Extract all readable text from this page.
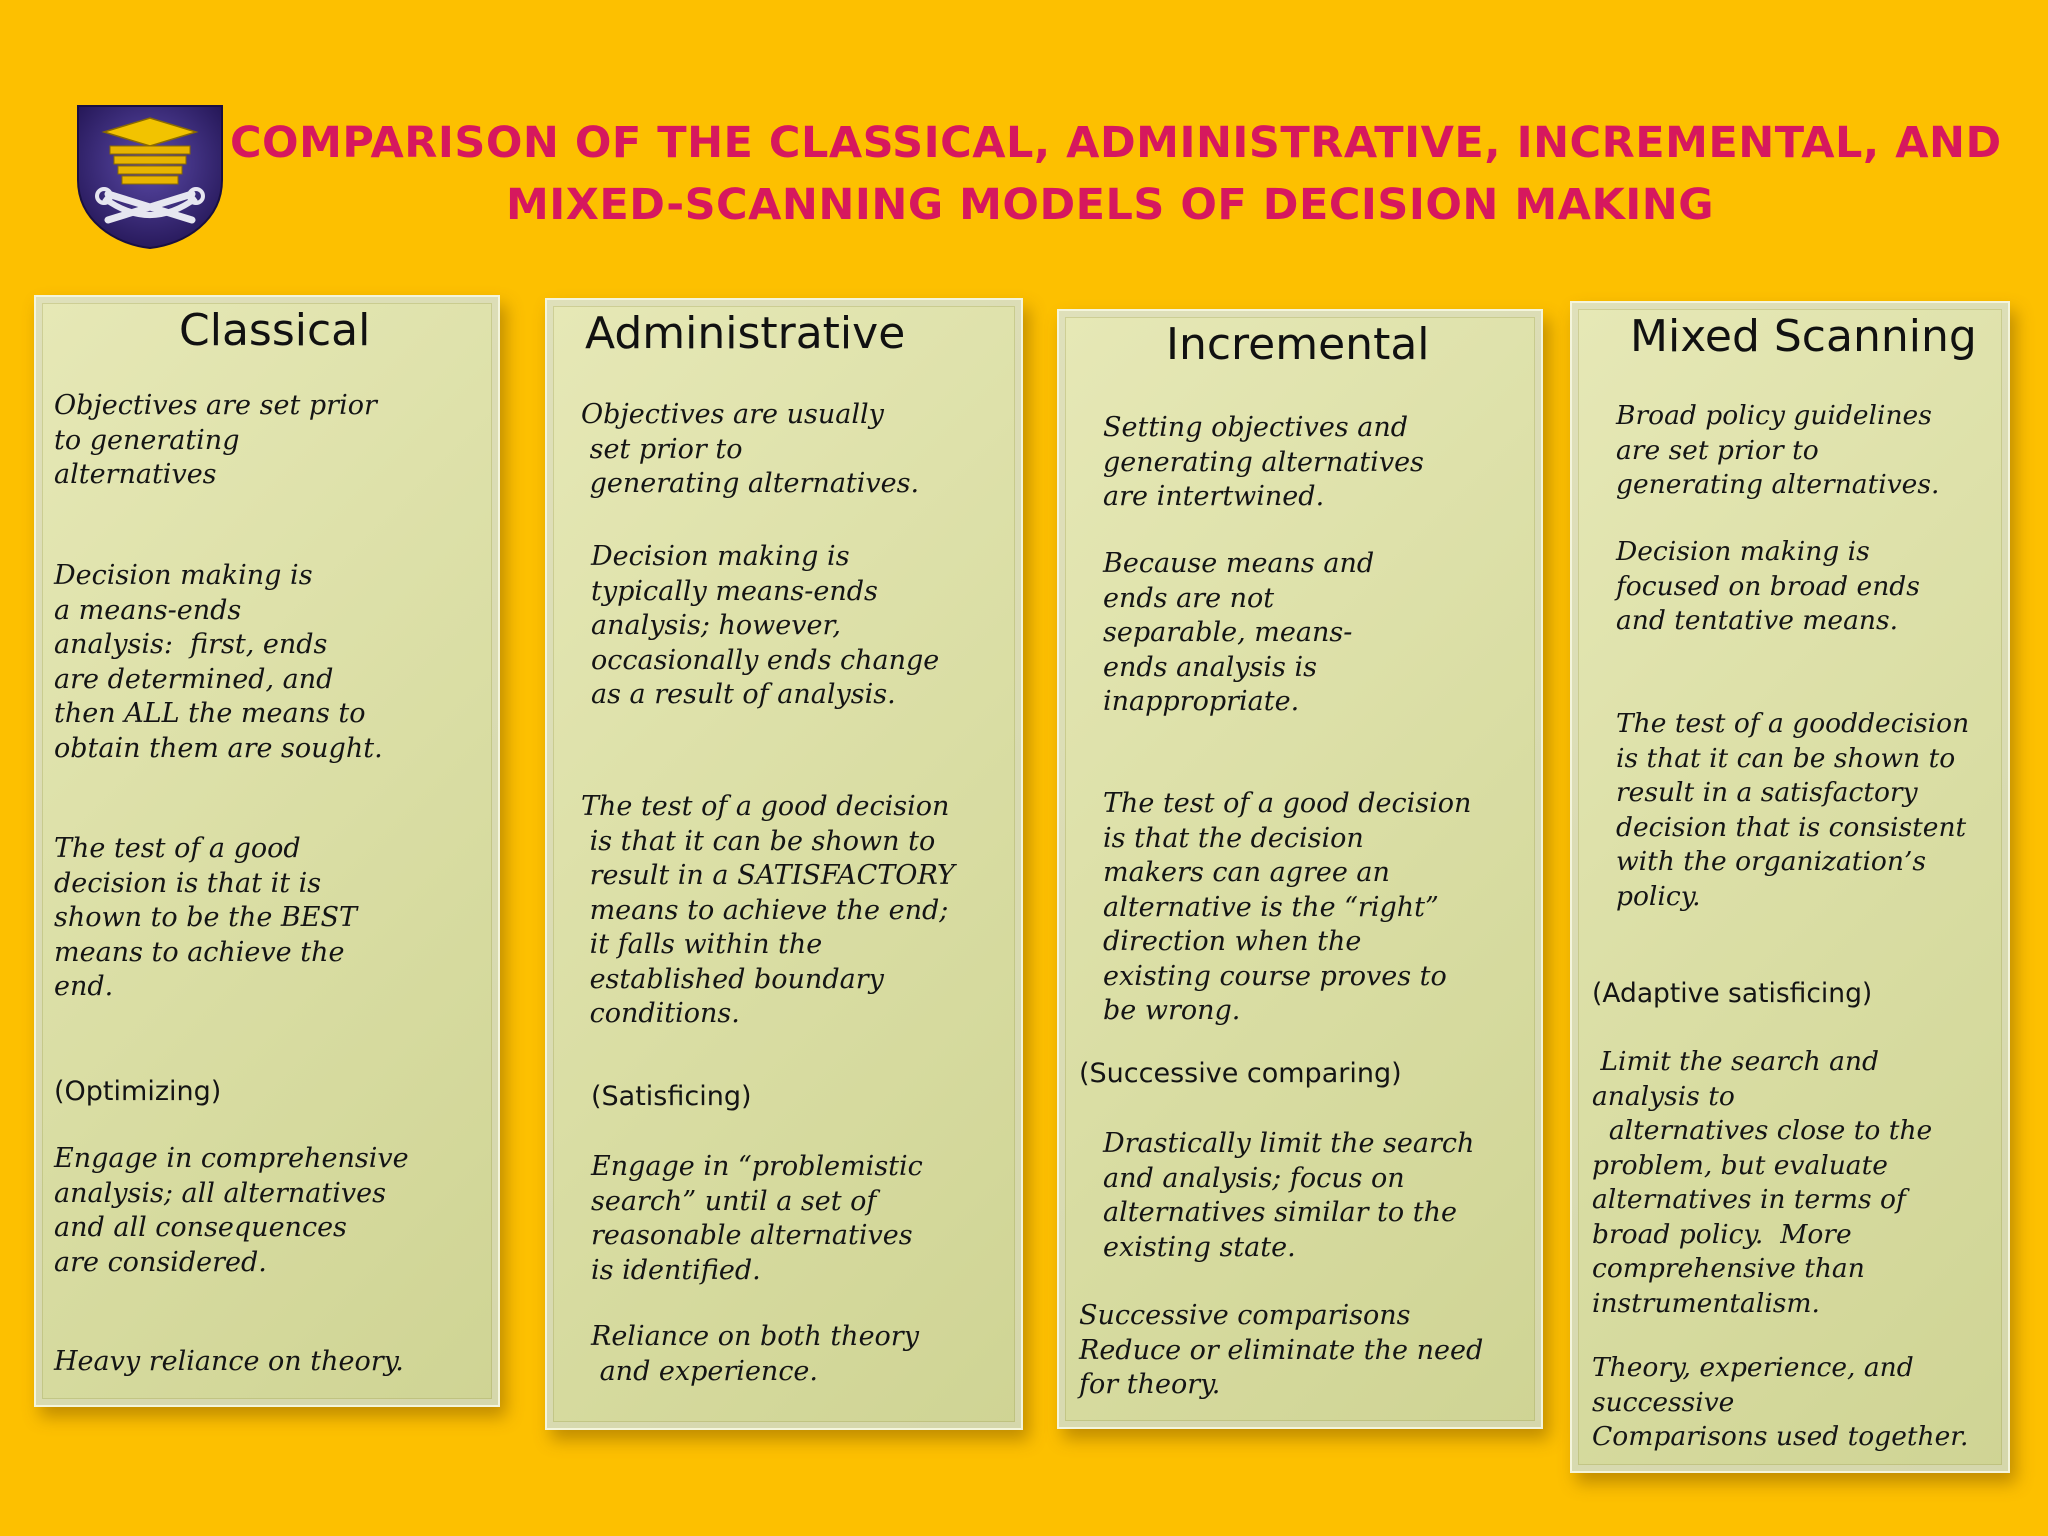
COMPARISON OF THE CLASSICAL, ADMINISTRATIVE, INCREMENTAL, AND
MIXED-SCANNING MODELS OF DECISION MAKING
Classical

Objectives are set prior
to generating
alternatives

Decision making is
a means-ends
analysis:  first, ends
are determined, and
then ALL the means to
obtain them are sought.

The test of a good
decision is that it is
shown to be the BEST
means to achieve the
end.

(Optimizing)

Engage in comprehensive
analysis; all alternatives
and all consequences
are considered.

Heavy reliance on theory.

Administrative

Objectives are usually
set prior to
generating alternatives.

Decision making is
typically means-ends
analysis; however,
occasionally ends change
as a result of analysis.

The test of a good decision
is that it can be shown to
result in a SATISFACTORY
means to achieve the end;
it falls within the
established boundary
conditions.

(Satisficing)

Engage in “problemistic
search” until a set of
reasonable alternatives
is identified.

Reliance on both theory
and experience.

Incremental

Setting objectives and
generating alternatives
are intertwined.

Because means and
ends are not
separable, means-
ends analysis is
inappropriate.

The test of a good decision
is that the decision
makers can agree an
alternative is the “right”
direction when the
existing course proves to
be wrong.

(Successive comparing)

Drastically limit the search
and analysis; focus on
alternatives similar to the
existing state.

Successive comparisons
Reduce or eliminate the need
for theory.

Mixed Scanning

Broad policy guidelines
are set prior to
generating alternatives.

Decision making is
focused on broad ends
and tentative means.

The test of a gooddecision
is that it can be shown to
result in a satisfactory
decision that is consistent
with the organization’s
policy.

(Adaptive satisficing)

Limit the search and
analysis to
alternatives close to the
problem, but evaluate
alternatives in terms of
broad policy.  More
comprehensive than
instrumentalism.

Theory, experience, and
successive
Comparisons used together.
